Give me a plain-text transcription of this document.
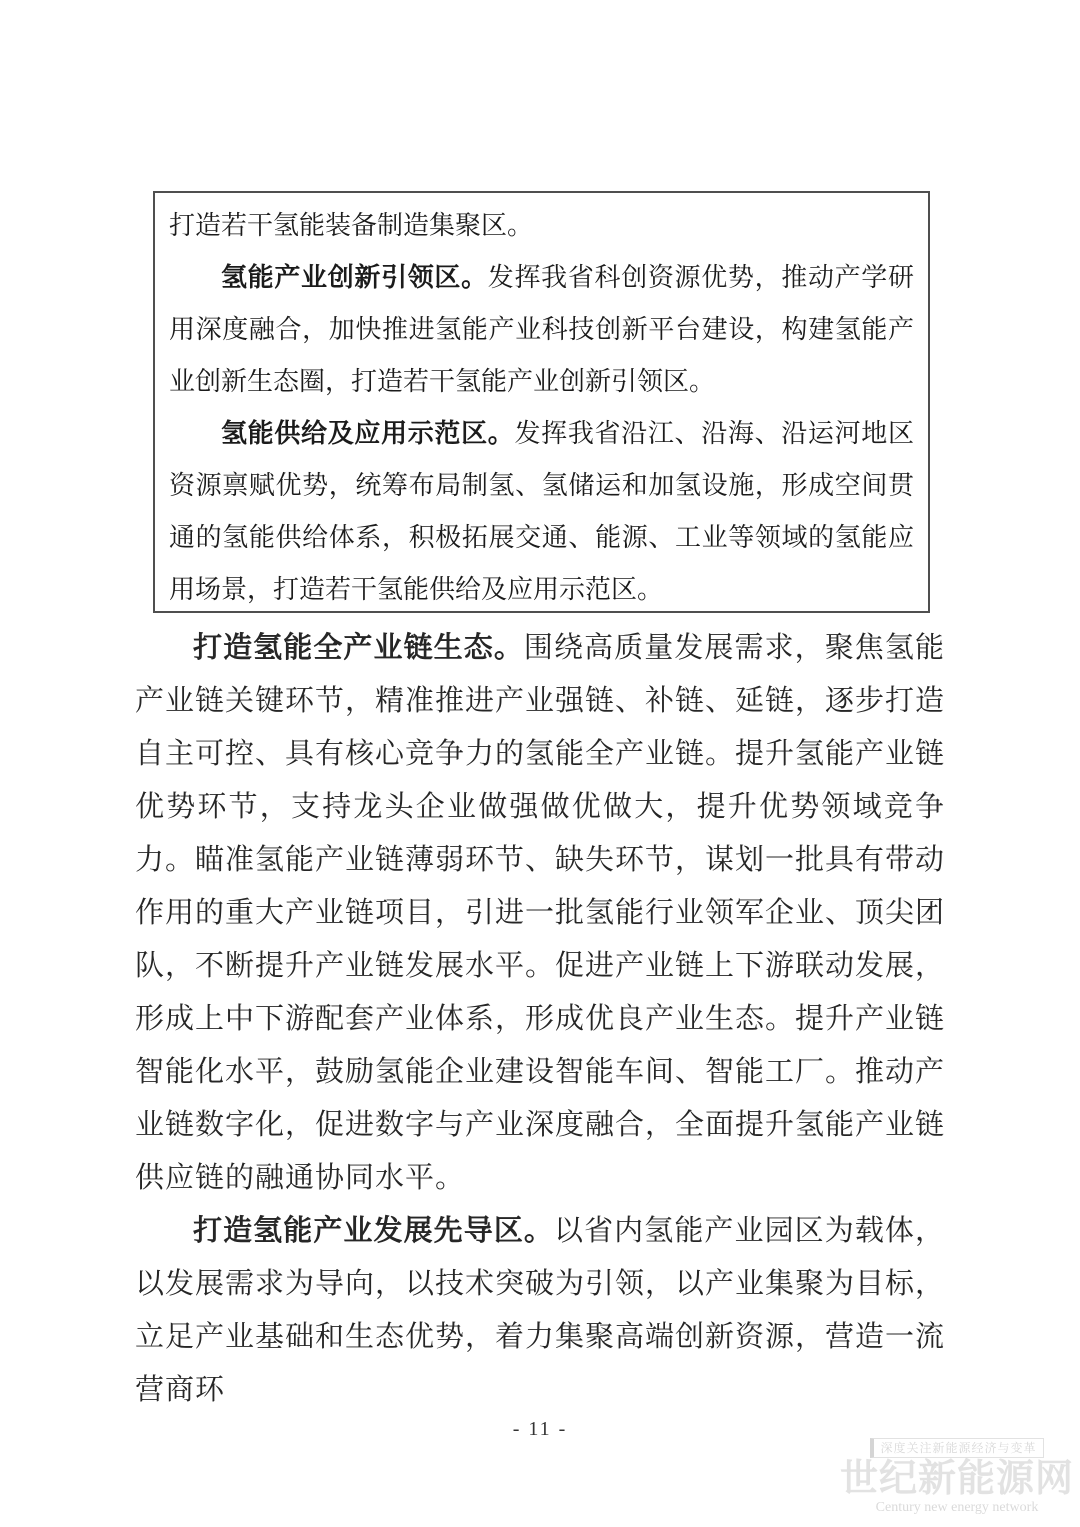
打造若干氢能装备制造集聚区。

氢能产业创新引领区。发挥我省科创资源优势，推动产学研用深度融合，加快推进氢能产业科技创新平台建设，构建氢能产业创新生态圈，打造若干氢能产业创新引领区。

氢能供给及应用示范区。发挥我省沿江、沿海、沿运河地区资源禀赋优势，统筹布局制氢、氢储运和加氢设施，形成空间贯通的氢能供给体系，积极拓展交通、能源、工业等领域的氢能应用场景，打造若干氢能供给及应用示范区。

打造氢能全产业链生态。围绕高质量发展需求，聚焦氢能产业链关键环节，精准推进产业强链、补链、延链，逐步打造自主可控、具有核心竞争力的氢能全产业链。提升氢能产业链优势环节，支持龙头企业做强做优做大，提升优势领域竞争力。瞄准氢能产业链薄弱环节、缺失环节，谋划一批具有带动作用的重大产业链项目，引进一批氢能行业领军企业、顶尖团队，不断提升产业链发展水平。促进产业链上下游联动发展，形成上中下游配套产业体系，形成优良产业生态。提升产业链智能化水平，鼓励氢能企业建设智能车间、智能工厂。推动产业链数字化，促进数字与产业深度融合，全面提升氢能产业链供应链的融通协同水平。

打造氢能产业发展先导区。以省内氢能产业园区为载体，以发展需求为导向，以技术突破为引领，以产业集聚为目标，立足产业基础和生态优势，着力集聚高端创新资源，营造一流营商环

- 11 -
深度关注新能源经济与变革
世纪新能源网
Century new energy network
